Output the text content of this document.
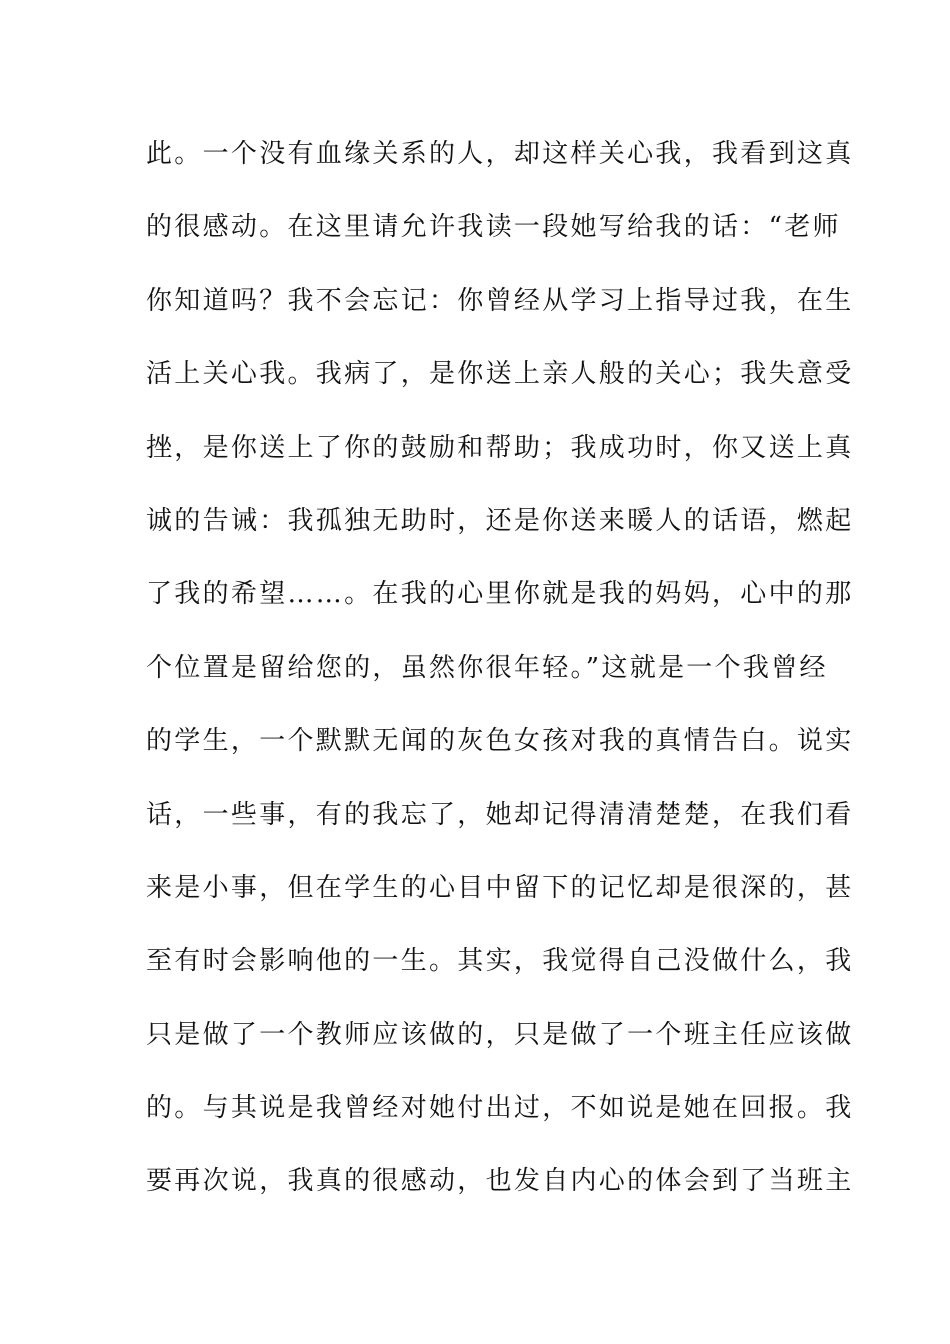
此。一个没有血缘关系的人，却这样关心我，我看到这真
的很感动。在这里请允许我读一段她写给我的话：“老师
你知道吗？我不会忘记：你曾经从学习上指导过我，在生
活上关心我。我病了，是你送上亲人般的关心；我失意受
挫，是你送上了你的鼓励和帮助；我成功时，你又送上真
诚的告诫：我孤独无助时，还是你送来暖人的话语，燃起
了我的希望……。在我的心里你就是我的妈妈，心中的那
个位置是留给您的，虽然你很年轻。”这就是一个我曾经
的学生，一个默默无闻的灰色女孩对我的真情告白。说实
话，一些事，有的我忘了，她却记得清清楚楚，在我们看
来是小事，但在学生的心目中留下的记忆却是很深的，甚
至有时会影响他的一生。其实，我觉得自己没做什么，我
只是做了一个教师应该做的，只是做了一个班主任应该做
的。与其说是我曾经对她付出过，不如说是她在回报。我
要再次说，我真的很感动，也发自内心的体会到了当班主
